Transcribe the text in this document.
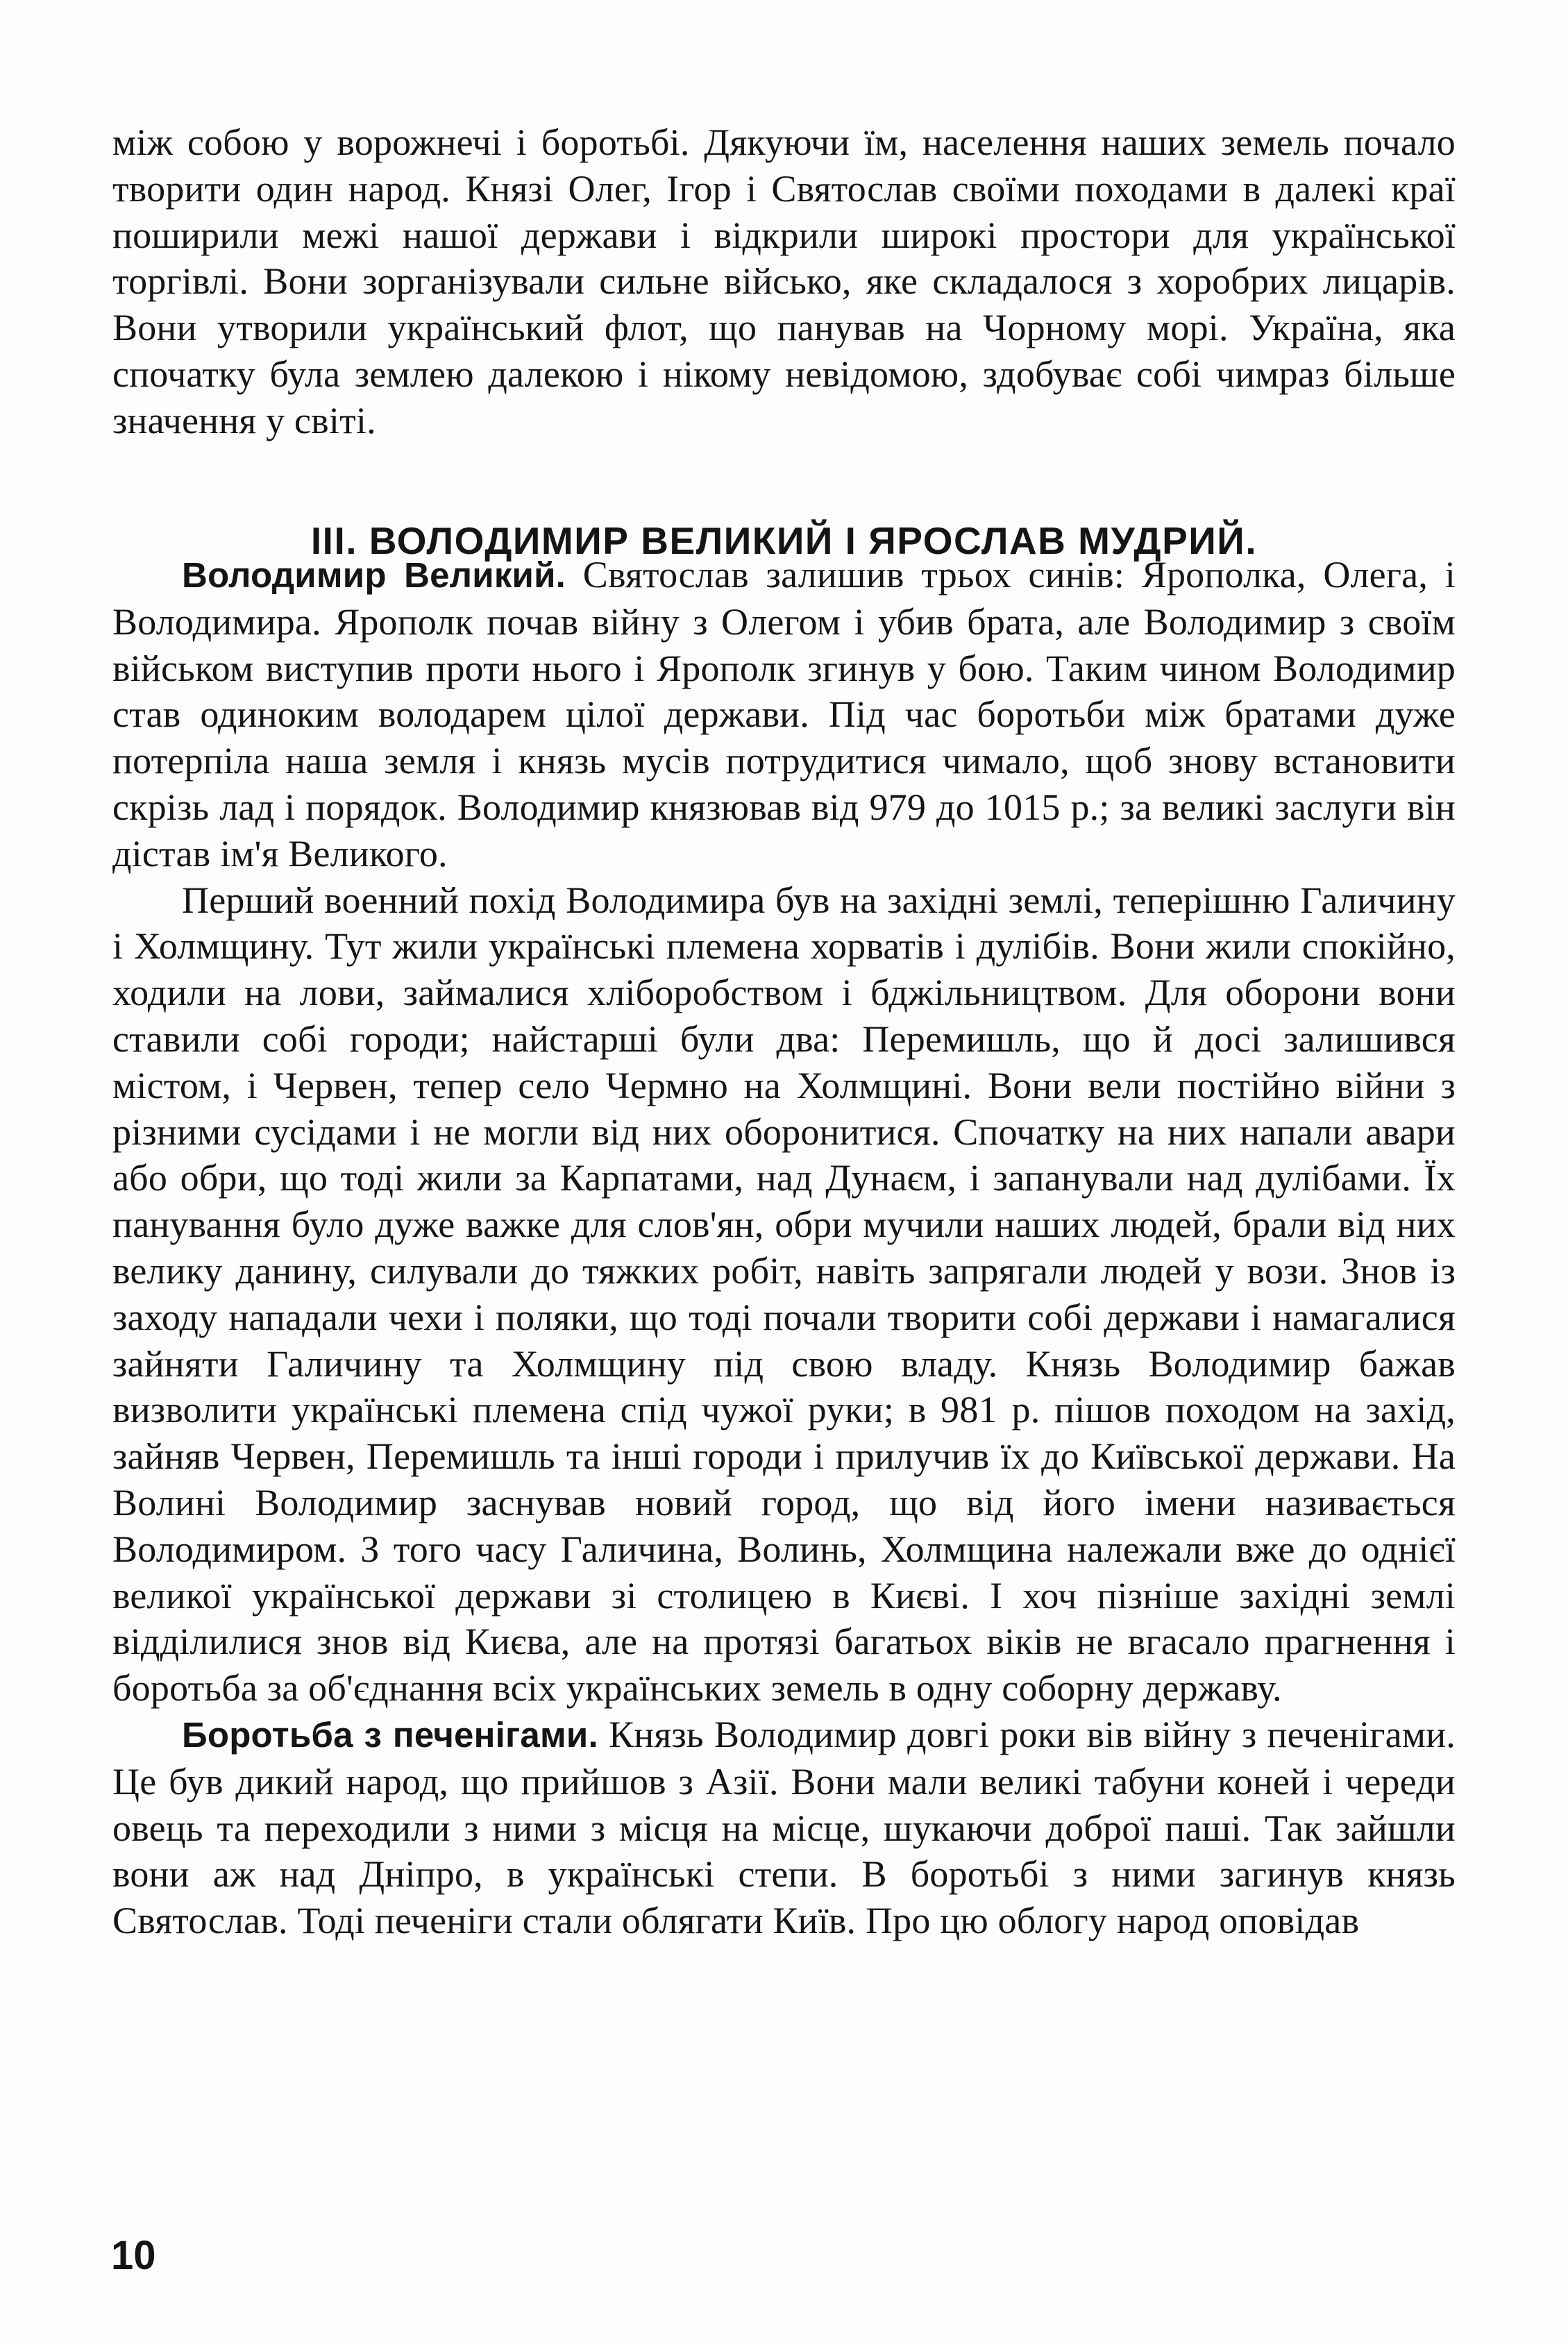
між собою у ворожнечі і боротьбі. Дякуючи їм, населення наших земель почало творити один народ. Князі Олег, Ігор і Святослав своїми походами в далекі краї поширили межі нашої держави і відкрили широкі простори для української торгівлі. Вони зорганізували сильне військо, яке складалося з хоробрих лицарів. Вони утворили український флот, що панував на Чорному морі. Україна, яка спочатку була землею далекою і нікому невідомою, здобуває собі чимраз більше значення у світі.

III. ВОЛОДИМИР ВЕЛИКИЙ І ЯРОСЛАВ МУДРИЙ.

Володимир Великий. Святослав залишив трьох синів: Ярополка, Олега, і Володимира. Ярополк почав війну з Олегом і убив брата, але Володимир з своїм військом виступив проти нього і Ярополк згинув у бою. Таким чином Володимир став одиноким володарем цілої держави. Під час боротьби між братами дуже потерпіла наша земля і князь мусів потрудитися чимало, щоб знову встановити скрізь лад і порядок. Володимир князював від 979 до 1015 р.; за великі заслуги він дістав ім'я Великого.

Перший военний похід Володимира був на західні землі, теперішню Галичину і Холмщину. Тут жили українські племена хорватів і дулібів. Вони жили спокійно, ходили на лови, займалися хліборобством і бджільництвом. Для оборони вони ставили собі городи; найстарші були два: Перемишль, що й досі залишився містом, і Червен, тепер село Чермно на Холмщині. Вони вели постійно війни з різними сусідами і не могли від них оборонитися. Спочатку на них напали авари або обри, що тоді жили за Карпатами, над Дунаєм, і запанували над дулібами. Їх панування було дуже важке для слов'ян, обри мучили наших людей, брали від них велику данину, силували до тяжких робіт, навіть запрягали людей у вози. Знов із заходу нападали чехи і поляки, що тоді почали творити собі держави і намагалися зайняти Галичину та Холмщину під свою владу. Князь Володимир бажав визволити українські племена спід чужої руки; в 981 р. пішов походом на захід, зайняв Червен, Перемишль та інші городи і прилучив їх до Київської держави. На Волині Володимир заснував новий город, що від його імени називається Володимиром. З того часу Галичина, Волинь, Холмщина належали вже до однієї великої української держави зі столицею в Києві. І хоч пізніше західні землі відділилися знов від Києва, але на протязі багатьох віків не вгасало прагнення і боротьба за об'єднання всіх українських земель в одну соборну державу.

Боротьба з печенігами. Князь Володимир довгі роки вів війну з печенігами. Це був дикий народ, що прийшов з Азії. Вони мали великі табуни коней і череди овець та переходили з ними з місця на місце, шукаючи доброї паші. Так зайшли вони аж над Дніпро, в українські степи. В боротьбі з ними загинув князь Святослав. Тоді печеніги стали облягати Київ. Про цю облогу народ оповідав

10
